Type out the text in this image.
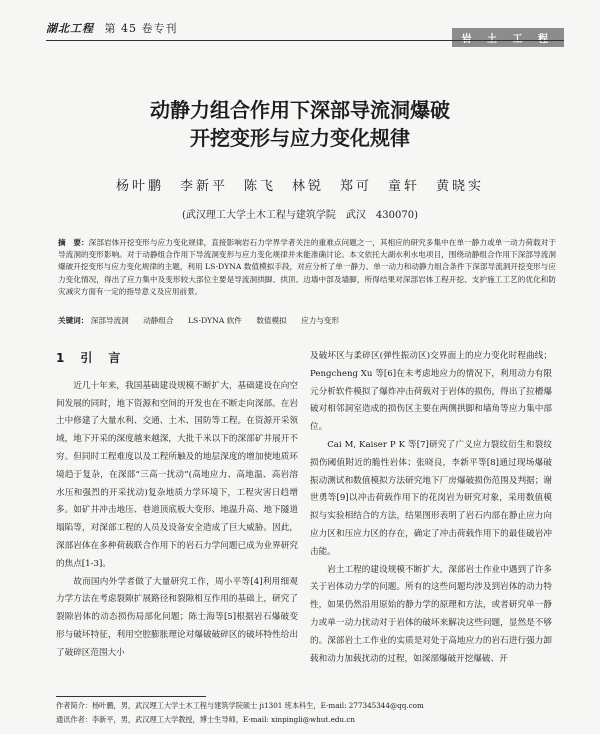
湖北工程 第 45 卷专刊
岩 土 工 程
动静力组合作用下深部导流洞爆破
开挖变形与应力变化规律
杨叶鹏　李新平　陈飞　林锐　郑可　童轩　黄晓实
(武汉理工大学土木工程与建筑学院　武汉　430070)
摘　要：深部岩体开挖变形与应力变化规律，直接影响岩石力学界学者关注的重难点问题之一，其相应的研究多集中在单一静力或单一动力荷载对于导流洞的变形影响。对于动静组合作用下导流洞变形与应力变化规律并未能准确讨论。本文依托大湖水利水电项目，围绕动静组合作用下深部导流洞爆破开挖变形与应力变化规律的主题，利用 LS-DYNA 数值模拟手段，对应分析了单一静力、单一动力和动静力组合条件下深部导流洞开挖变形与应力变化情况，得出了应力集中及变形较大部位主要是导流洞拱脚、拱顶、边墙中部及墙脚，所得结果对深部岩体工程开挖、支护施工工艺的优化和防灾减灾方面有一定的指导意义及应用前景。
关键词： 深部导流洞 动静组合 LS-DYNA 软件 数值模拟 应力与变形
1　引　言

近几十年来，我国基础建设规模不断扩大，基础建设在向空间发展的同时，地下资源和空间的开发也在不断走向深部。在岩土中修建了大量水利、交通、土木、国防等工程。在资源开采领域，地下开采的深度越来越深，大批千米以下的深部矿井展开不穷。但同时工程难度以及工程所触及的地层深度的增加使地质环境趋于复杂，在深部“三高一扰动”(高地应力、高地温、高岩溶水压和强烈的开采扰动)复杂地质力学环境下，工程灾害日趋增多。如矿井冲击地压、巷道顶底板大变形、地温升高、地下隧道塌陷等，对深部工程的人员及设备安全造成了巨大威胁。因此，深部岩体在多种荷载联合作用下的岩石力学问题已成为业界研究的焦点[1-3]。

故而国内外学者做了大量研究工作，周小平等[4]利用细观力学方法在考虑裂隙扩展路径和裂隙相互作用的基础上，研究了裂隙岩体的动态损伤局部化问题；陈士海等[5]根据岩石爆破变形与破坏特征，利用空腔膨胀理论对爆破破碎区的破坏特性给出了破碎区范围大小

及破坏区与柔碎区(弹性振动区)交界面上的应力变化时程曲线；Pengcheng Xu 等[6]在未考虑地应力的情况下，利用动力有限元分析软件模拟了爆炸冲击荷载对于岩体的损伤，得出了拉槽爆破对相邻洞室造成的损伤区主要在两侧拱脚和墙角等应力集中部位。

Cai M, Kaiser P K 等[7]研究了广义应力裂纹衍生和裂纹损伤阈值附近的脆性岩体；张晓良，李新平等[8]通过现场爆破振动测试和数值模拟方法研究地下厂房爆破损伤范围及判据；谢世勇等[9]以冲击荷载作用下的花岗岩为研究对象，采用数值模拟与实验相结合的方法，结果图形表明了岩石内部在静止应力向应力区和压应力区的存在，确定了冲击荷载作用下的最佳破岩冲击能。

岩土工程的建设规模不断扩大，深部岩土作业中遇到了许多关于岩体动力学的问题。所有的这些问题均涉及到岩体的动力特性，如果仍然沿用原始的静力学的原理和方法，或者研究单一静力或单一动力扰动对于岩体的破坏来解决这些问题，显然是不够的。深部岩土工作业的实质是对处于高地应力的岩石进行强力卸载和动力加载扰动的过程，如深部爆破开挖爆破、开

作者简介：杨叶鹏，男，武汉理工大学土木工程与建筑学院硕士 ji1301 班本科生，E-mail: 277345344@qq.com
通讯作者：李新平，男，武汉理工大学教授，博士生导师，E-mail: xinpingli@whut.edu.cn
